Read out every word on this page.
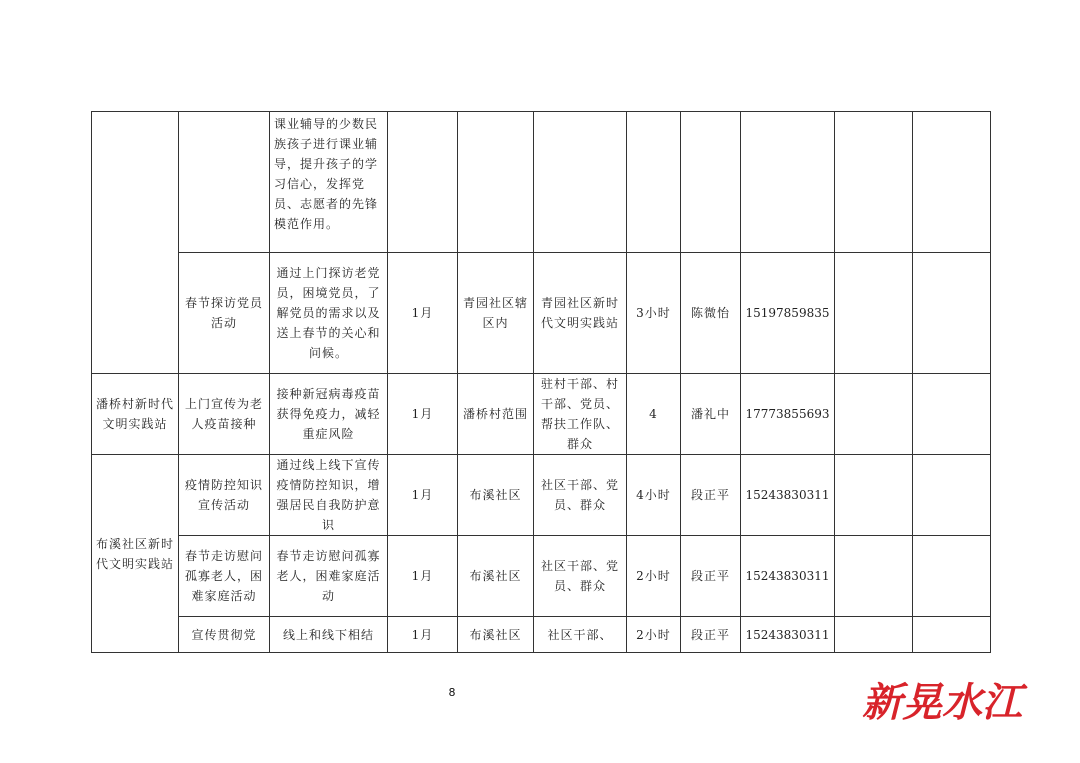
		课业辅导的少数民族孩子进行课业辅导，提升孩子的学习信心，发挥党员、志愿者的先锋模范作用。								
	春节探访党员活动	通过上门探访老党员，困境党员，了解党员的需求以及送上春节的关心和问候。	1月	青园社区辖区内	青园社区新时代文明实践站	3小时	陈微怡	15197859835		
潘桥村新时代文明实践站	上门宣传为老人疫苗接种	接种新冠病毒疫苗获得免疫力，减轻重症风险	1月	潘桥村范围	驻村干部、村干部、党员、帮扶工作队、群众	4	潘礼中	17773855693		
布溪社区新时代文明实践站	疫情防控知识宣传活动	通过线上线下宣传疫情防控知识，增强居民自我防护意识	1月	布溪社区	社区干部、党员、群众	4小时	段正平	15243830311		
	春节走访慰问孤寡老人，困难家庭活动	春节走访慰问孤寡老人，困难家庭活动	1月	布溪社区	社区干部、党员、群众	2小时	段正平	15243830311		
	宣传贯彻党	线上和线下相结	1月	布溪社区	社区干部、	2小时	段正平	15243830311		
8	新晃水江
